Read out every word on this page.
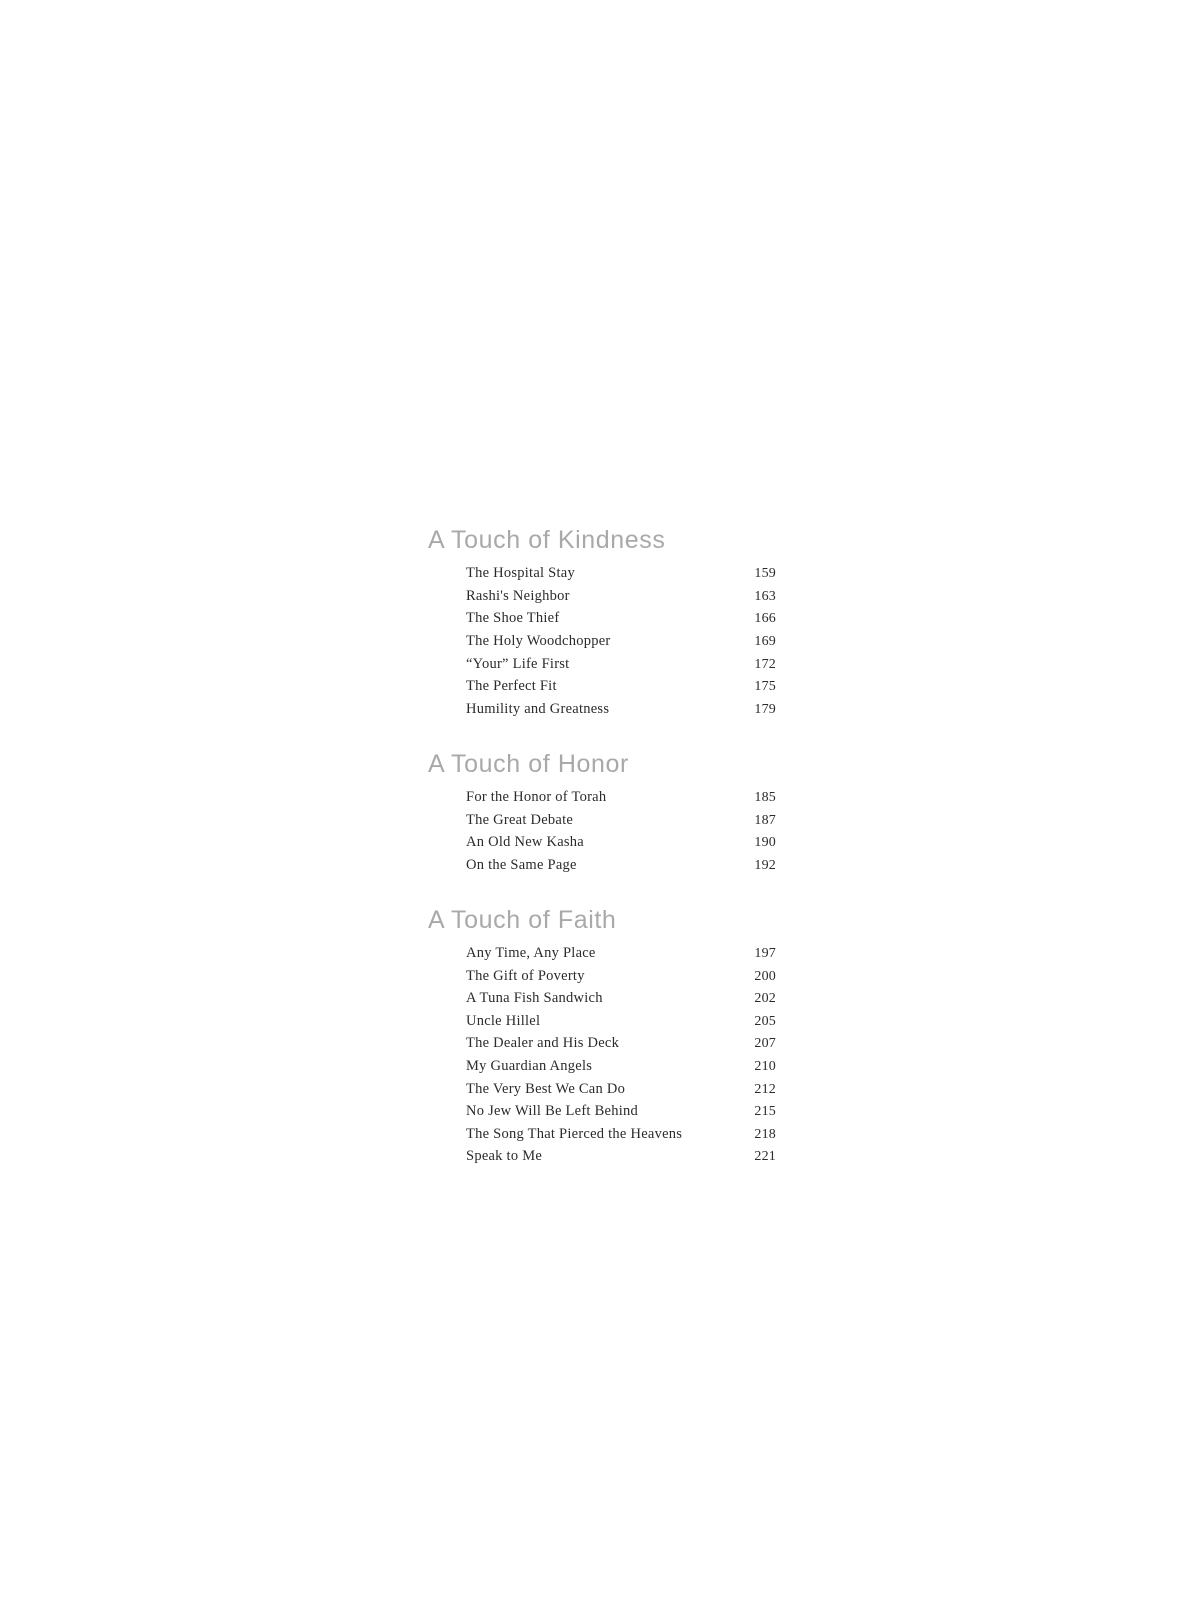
A Touch of Kindness
The Hospital Stay	159
Rashi's Neighbor	163
The Shoe Thief	166
The Holy Woodchopper	169
“Your” Life First	172
The Perfect Fit	175
Humility and Greatness	179
A Touch of Honor
For the Honor of Torah	185
The Great Debate	187
An Old New Kasha	190
On the Same Page	192
A Touch of Faith
Any Time, Any Place	197
The Gift of Poverty	200
A Tuna Fish Sandwich	202
Uncle Hillel	205
The Dealer and His Deck	207
My Guardian Angels	210
The Very Best We Can Do	212
No Jew Will Be Left Behind	215
The Song That Pierced the Heavens	218
Speak to Me	221
